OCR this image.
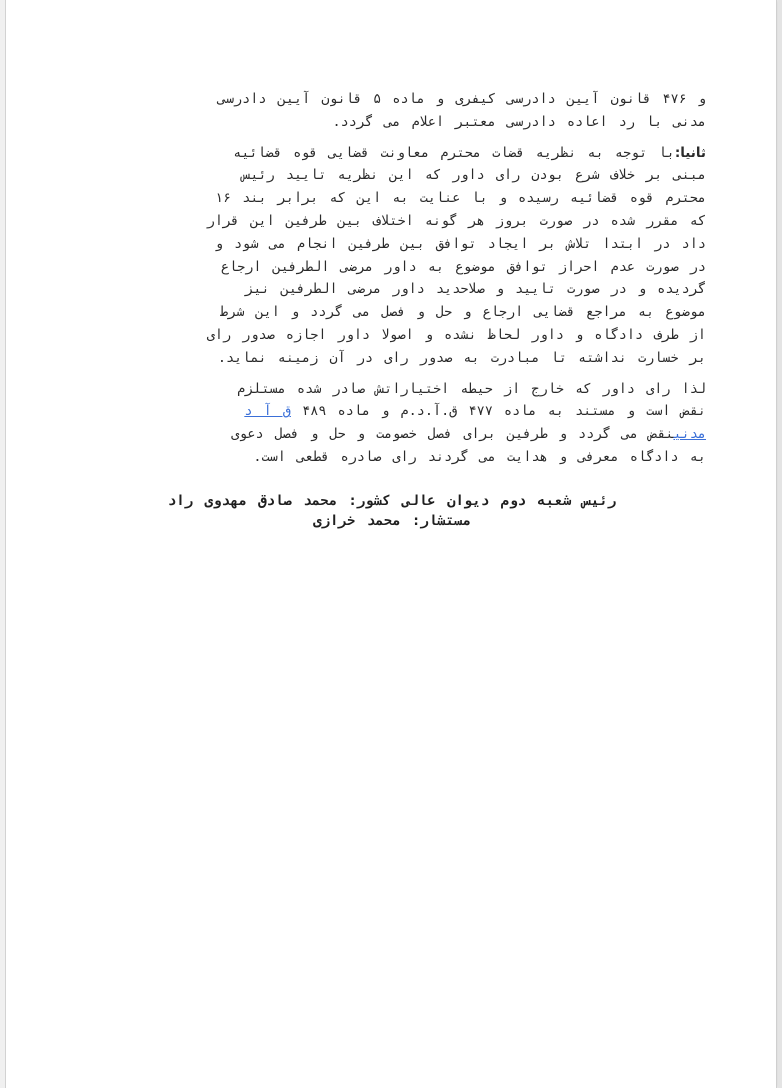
و ۴۷۶ قانون آیین دادرسی کیفری و ماده ۵ قانون آیین دادرسی
مدنی با رد اعاده دادرسی معتبر اعلام می گردد.

ثانیا:با توجه به نظریه قضات محترم معاونت قضایی قوه قضائیه
مبنی بر خلاف شرع بودن رای داور که این نظریه تایید رئیس
محترم قوه قضائیه رسیده و با عنایت به این که برابر بند ۱۶
که مقرر شده در صورت بروز هر گونه اختلاف بین طرفین این قرار
داد در ابتدا تلاش بر ایجاد توافق بین طرفین انجام می شود و
در صورت عدم احراز توافق موضوع به داور مرضی الطرفین ارجاع
گردیده و در صورت تایید و صلاحدید داور مرضی الطرفین نیز
موضوع به مراجع قضایی ارجاع و حل و فصل می گردد و این شرط
از طرف دادگاه و داور لحاظ نشده و اصولا داور اجازه صدور رای
بر خسارت نداشته تا مبادرت به صدور رای در آن زمینه نماید.

لذا رای داور که خارج از حیطه اختیاراتش صادر شده مستلزم
نقض است و مستند به ماده ۴۷۷ ق.آ.د.م و ماده ۴۸۹ ق آ د
مدنینقض می گردد و طرفین برای فصل خصومت و حل و فصل دعوی
به دادگاه معرفی و هدایت می گردند رای صادره قطعی است.

رئیس شعبه دوم دیوان عالی کشور: محمد صادق مهدوی راد
مستشار: محمد خرازی
